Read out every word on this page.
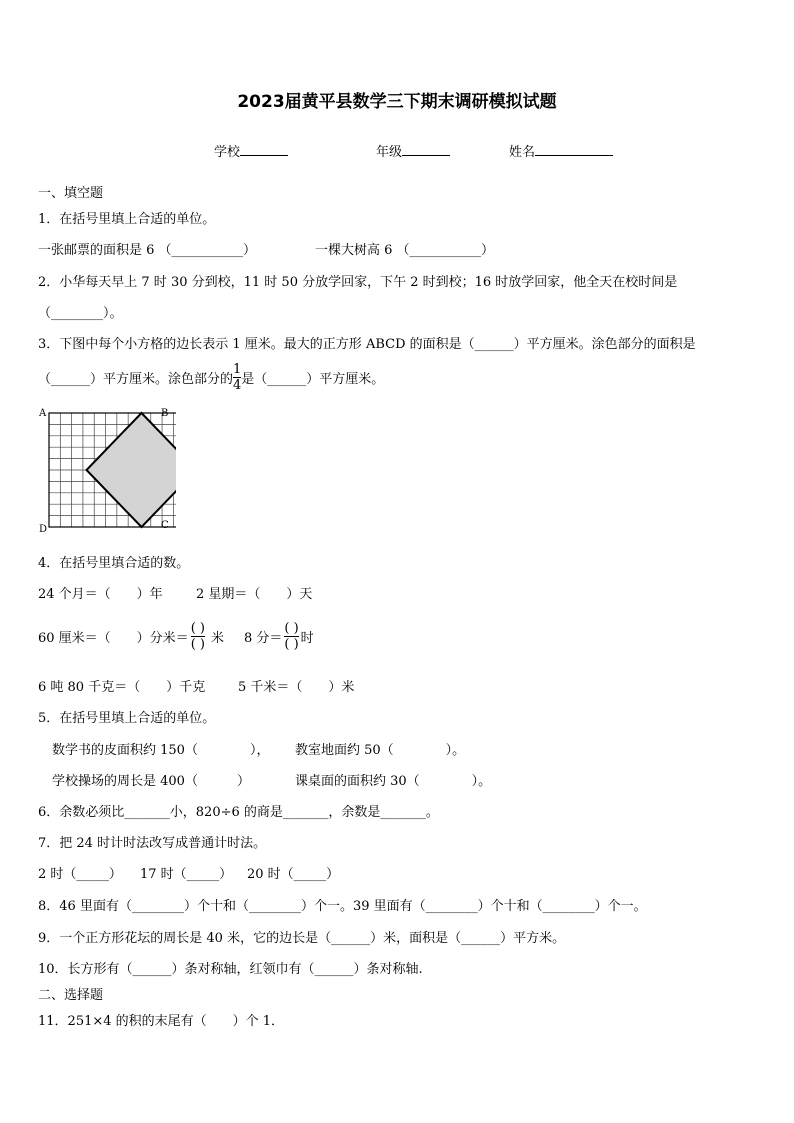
2023届黄平县数学三下期末调研模拟试题
学校	年级	姓名
一、填空题
1．在括号里填上合适的单位。
一张邮票的面积是 6 （___________）	一棵大树高 6 （___________）
2．小华每天早上 7 时 30 分到校，11 时 50 分放学回家，下午 2 时到校；16 时放学回家，他全天在校时间是
（________）。
3．下图中每个小方格的边长表示 1 厘米。最大的正方形 ABCD 的面积是（______）平方厘米。涂色部分的面积是
（______）平方厘米。涂色部分的 $\frac{1}{4}$ 是（______）平方厘米。
A	B
C
D
4．在括号里填合适的数。
24 个月＝（　　）年	2 星期＝（　　）天
60 厘米＝（　　）分米＝ $\frac{( )}{( )}$ 米 8 分＝ $\frac{( )}{( )}$ 时
6 吨 80 千克＝（　　）千克	5 千米＝（　　）米
5．在括号里填上合适的单位。
数学书的皮面积约 150（　　　　）， 教室地面约 50（　　　　）。
学校操场的周长是 400（　　　）	课桌面的面积约 30（　　　　）。
6．余数必须比_______小，820÷6 的商是_______，余数是_______。
7．把 24 时计时法改写成普通计时法。
2 时（_____） 17 时（_____） 20 时（_____）
8．46 里面有（________）个十和（________）个一。39 里面有（________）个十和（________）个一。
9．一个正方形花坛的周长是 40 米，它的边长是（______）米，面积是（______）平方米。
10．长方形有（______）条对称轴，红领巾有（______）条对称轴.
二、选择题
11．251×4 的积的末尾有（　　）个 1．
